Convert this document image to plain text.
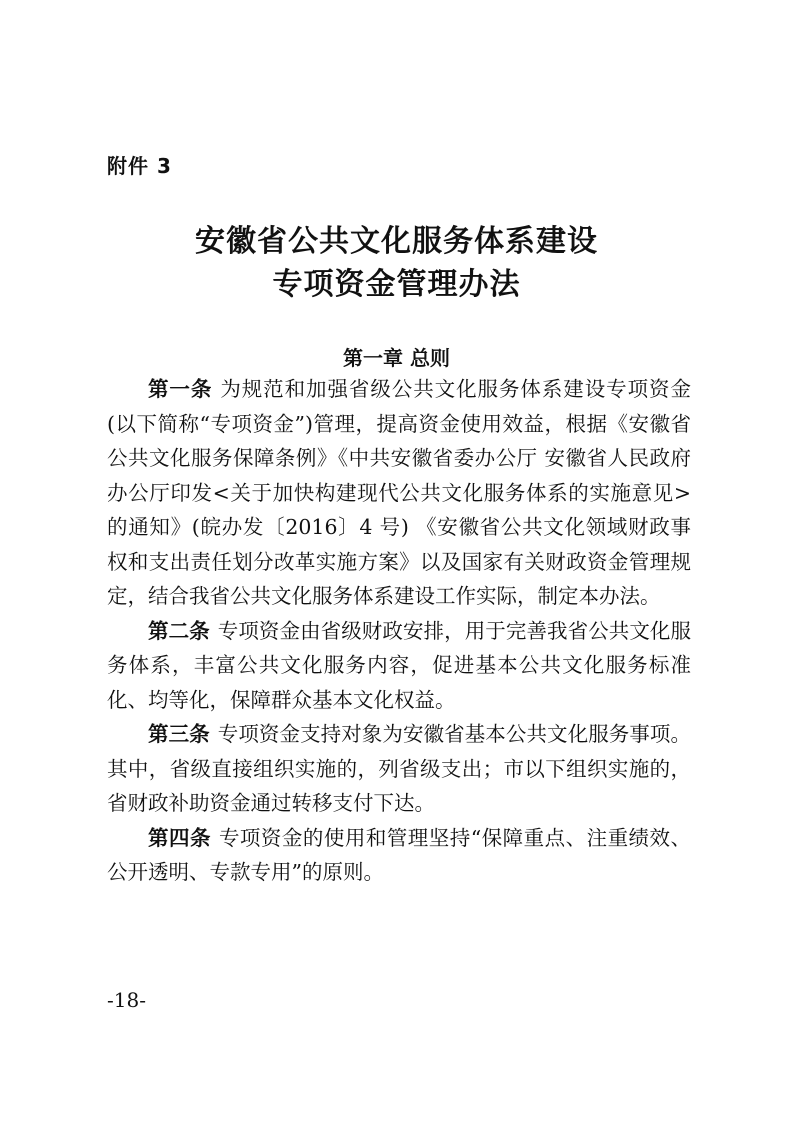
附件 3
安徽省公共文化服务体系建设
专项资金管理办法
第一章 总则

第一条 为规范和加强省级公共文化服务体系建设专项资金(以下简称“专项资金”)管理，提高资金使用效益，根据《安徽省公共文化服务保障条例》《中共安徽省委办公厅 安徽省人民政府办公厅印发<关于加快构建现代公共文化服务体系的实施意见>的通知》(皖办发〔2016〕4 号) 《安徽省公共文化领域财政事权和支出责任划分改革实施方案》以及国家有关财政资金管理规定，结合我省公共文化服务体系建设工作实际，制定本办法。

第二条 专项资金由省级财政安排，用于完善我省公共文化服务体系，丰富公共文化服务内容，促进基本公共文化服务标准化、均等化，保障群众基本文化权益。

第三条 专项资金支持对象为安徽省基本公共文化服务事项。其中，省级直接组织实施的，列省级支出；市以下组织实施的，省财政补助资金通过转移支付下达。

第四条 专项资金的使用和管理坚持“保障重点、注重绩效、公开透明、专款专用”的原则。

-18-
